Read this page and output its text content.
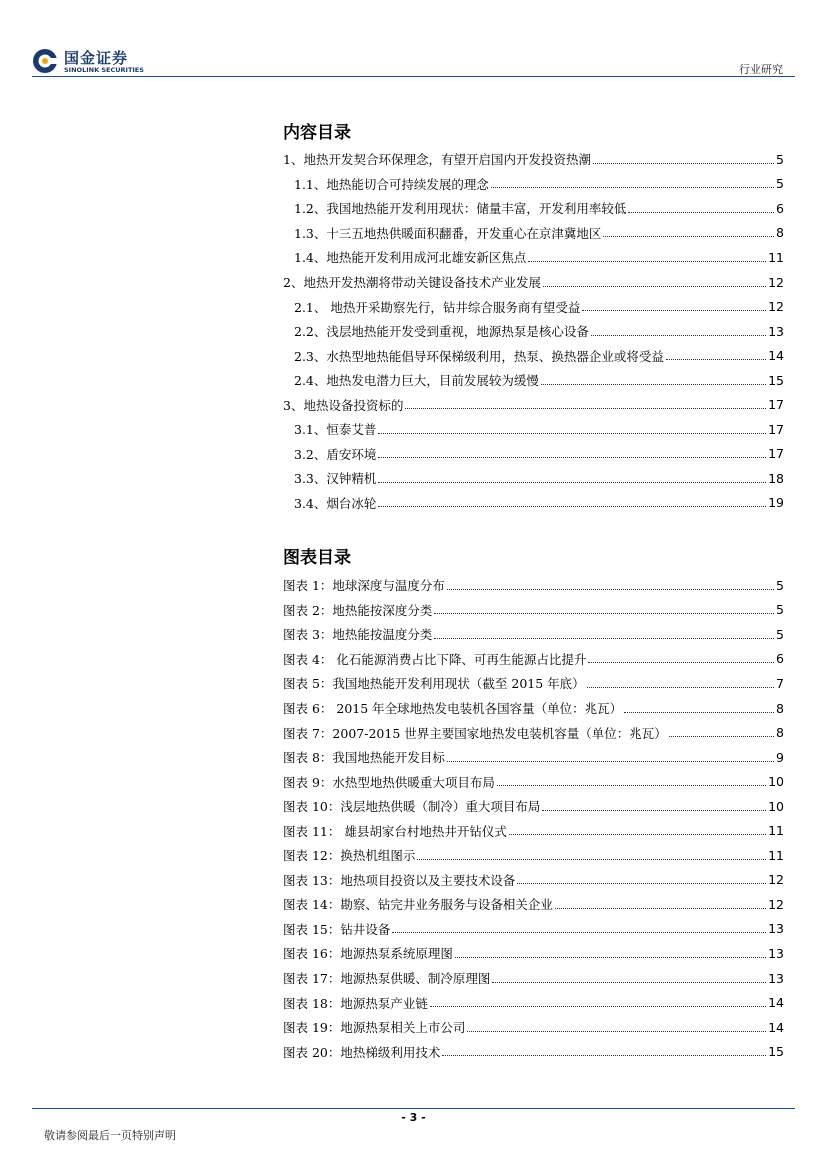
国金证券
SINOLINK SECURITIES	行业研究
内容目录
1、地热开发契合环保理念，有望开启国内开发投资热潮	5
1.1、地热能切合可持续发展的理念	5
1.2、我国地热能开发利用现状：储量丰富，开发利用率较低	6
1.3、十三五地热供暖面积翻番，开发重心在京津冀地区	8
1.4、地热能开发利用成河北雄安新区焦点	11
2、地热开发热潮将带动关键设备技术产业发展	12
2.1、 地热开采勘察先行，钻井综合服务商有望受益	12
2.2、浅层地热能开发受到重视，地源热泵是核心设备	13
2.3、水热型地热能倡导环保梯级利用，热泵、换热器企业或将受益	14
2.4、地热发电潜力巨大，目前发展较为缓慢	15
3、地热设备投资标的	17
3.1、恒泰艾普	17
3.2、盾安环境	17
3.3、汉钟精机	18
3.4、烟台冰轮	19
图表目录
图表 1：地球深度与温度分布	5
图表 2：地热能按深度分类	5
图表 3：地热能按温度分类	5
图表 4： 化石能源消费占比下降、可再生能源占比提升	6
图表 5：我国地热能开发利用现状（截至 2015 年底）	7
图表 6： 2015 年全球地热发电装机各国容量（单位：兆瓦）	8
图表 7：2007-2015 世界主要国家地热发电装机容量（单位：兆瓦）	8
图表 8：我国地热能开发目标	9
图表 9：水热型地热供暖重大项目布局	10
图表 10：浅层地热供暖（制冷）重大项目布局	10
图表 11： 雄县胡家台村地热井开钻仪式	11
图表 12：换热机组图示	11
图表 13：地热项目投资以及主要技术设备	12
图表 14：勘察、钻完井业务服务与设备相关企业	12
图表 15：钻井设备	13
图表 16：地源热泵系统原理图	13
图表 17：地源热泵供暖、制冷原理图	13
图表 18：地源热泵产业链	14
图表 19：地源热泵相关上市公司	14
图表 20：地热梯级利用技术	15
- 3 -
敬请参阅最后一页特别声明
